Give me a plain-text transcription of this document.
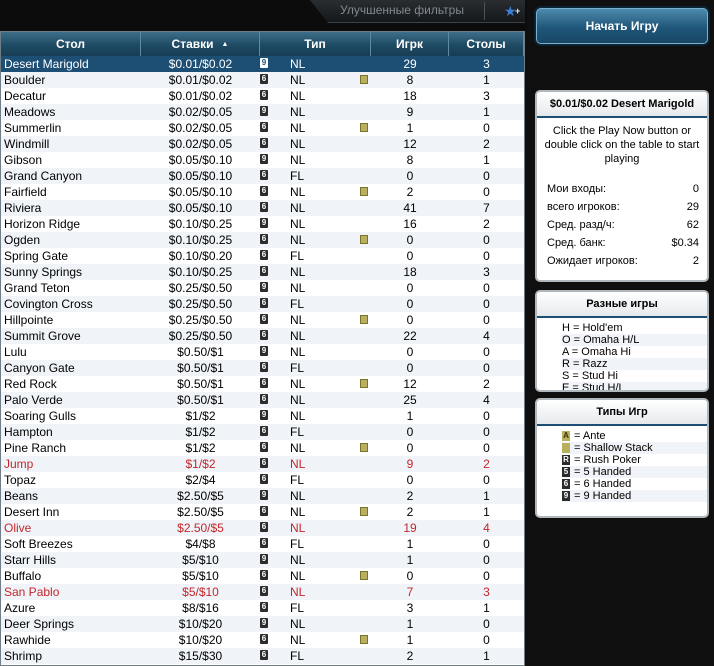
Улучшенные фильтры	★
+
Стол	Ставки ▲	Тип	Игрк	Столы
Desert Marigold	$0.01/$0.02	9 NL	29	3
Boulder	$0.01/$0.02	6 NL	8	1
Decatur	$0.01/$0.02	6 NL	18	3
Meadows	$0.02/$0.05	9 NL	9	1
Summerlin	$0.02/$0.05	6 NL	1	0
Windmill	$0.02/$0.05	6 NL	12	2
Gibson	$0.05/$0.10	9 NL	8	1
Grand Canyon	$0.05/$0.10	6 FL	0	0
Fairfield	$0.05/$0.10	6 NL	2	0
Riviera	$0.05/$0.10	6 NL	41	7
Horizon Ridge	$0.10/$0.25	9 NL	16	2
Ogden	$0.10/$0.25	6 NL	0	0
Spring Gate	$0.10/$0.20	6 FL	0	0
Sunny Springs	$0.10/$0.25	6 NL	18	3
Grand Teton	$0.25/$0.50	9 NL	0	0
Covington Cross	$0.25/$0.50	6 FL	0	0
Hillpointe	$0.25/$0.50	6 NL	0	0
Summit Grove	$0.25/$0.50	6 NL	22	4
Lulu	$0.50/$1	9 NL	0	0
Canyon Gate	$0.50/$1	6 FL	0	0
Red Rock	$0.50/$1	6 NL	12	2
Palo Verde	$0.50/$1	6 NL	25	4
Soaring Gulls	$1/$2	9 NL	1	0
Hampton	$1/$2	6 FL	0	0
Pine Ranch	$1/$2	6 NL	0	0
Jump	$1/$2	6 NL	9	2
Topaz	$2/$4	6 FL	0	0
Beans	$2.50/$5	9 NL	2	1
Desert Inn	$2.50/$5	6 NL	2	1
Olive	$2.50/$5	6 NL	19	4
Soft Breezes	$4/$8	6 FL	1	0
Starr Hills	$5/$10	9 NL	1	0
Buffalo	$5/$10	6 NL	0	0
San Pablo	$5/$10	6 NL	7	3
Azure	$8/$16	6 FL	3	1
Deer Springs	$10/$20	9 NL	1	0
Rawhide	$10/$20	6 NL	1	0
Shrimp	$15/$30	6 FL	2	1
Начать Игру
$0.01/$0.02 Desert Marigold
Click the Play Now button or double click on the table to start playing
Мои входы:	0
всего игроков:	29
Сред. разд/ч:	62
Сред. банк:	$0.34
Ожидает игроков:	2
Разные игры
H = Hold'em
O = Omaha H/L
A = Omaha Hi
R = Razz
S = Stud Hi
E = Stud H/L
Типы Игр
A = Ante
= Shallow Stack
R = Rush Poker
5 = 5 Handed
6 = 6 Handed
9 = 9 Handed
